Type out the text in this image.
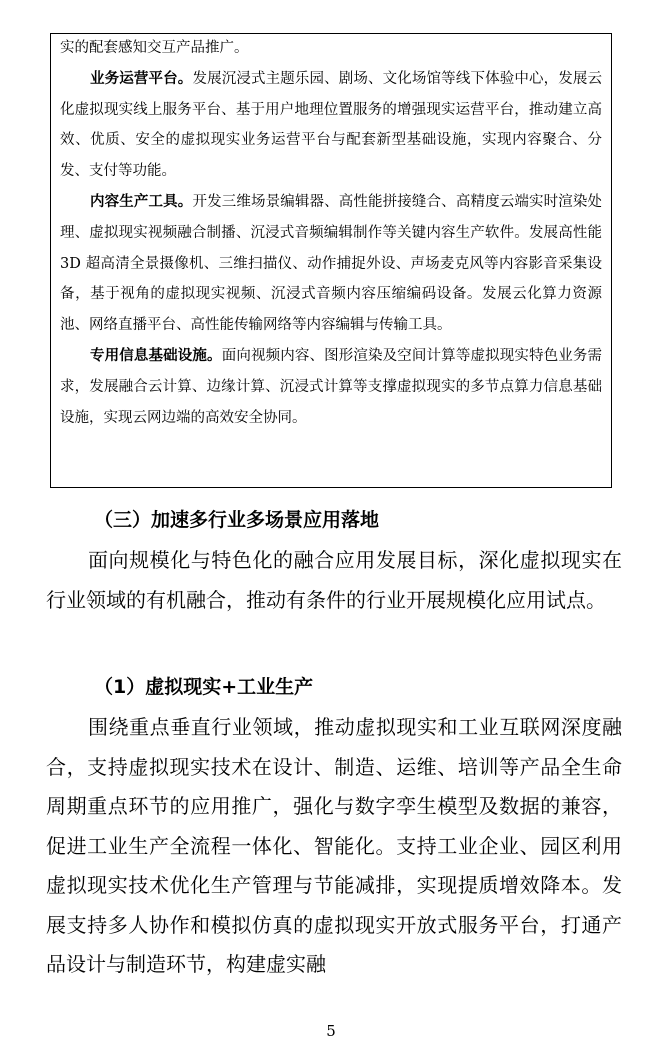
实的配套感知交互产品推广。

业务运营平台。发展沉浸式主题乐园、剧场、文化场馆等线下体验中心，发展云化虚拟现实线上服务平台、基于用户地理位置服务的增强现实运营平台，推动建立高效、优质、安全的虚拟现实业务运营平台与配套新型基础设施，实现内容聚合、分发、支付等功能。

内容生产工具。开发三维场景编辑器、高性能拼接缝合、高精度云端实时渲染处理、虚拟现实视频融合制播、沉浸式音频编辑制作等关键内容生产软件。发展高性能 3D 超高清全景摄像机、三维扫描仪、动作捕捉外设、声场麦克风等内容影音采集设备，基于视角的虚拟现实视频、沉浸式音频内容压缩编码设备。发展云化算力资源池、网络直播平台、高性能传输网络等内容编辑与传输工具。

专用信息基础设施。面向视频内容、图形渲染及空间计算等虚拟现实特色业务需求，发展融合云计算、边缘计算、沉浸式计算等支撑虚拟现实的多节点算力信息基础设施，实现云网边端的高效安全协同。

（三）加速多行业多场景应用落地

面向规模化与特色化的融合应用发展目标，深化虚拟现实在行业领域的有机融合，推动有条件的行业开展规模化应用试点。

（1）虚拟现实+工业生产

围绕重点垂直行业领域，推动虚拟现实和工业互联网深度融合，支持虚拟现实技术在设计、制造、运维、培训等产品全生命周期重点环节的应用推广，强化与数字孪生模型及数据的兼容，促进工业生产全流程一体化、智能化。支持工业企业、园区利用虚拟现实技术优化生产管理与节能减排，实现提质增效降本。发展支持多人协作和模拟仿真的虚拟现实开放式服务平台，打通产品设计与制造环节，构建虚实融

5
